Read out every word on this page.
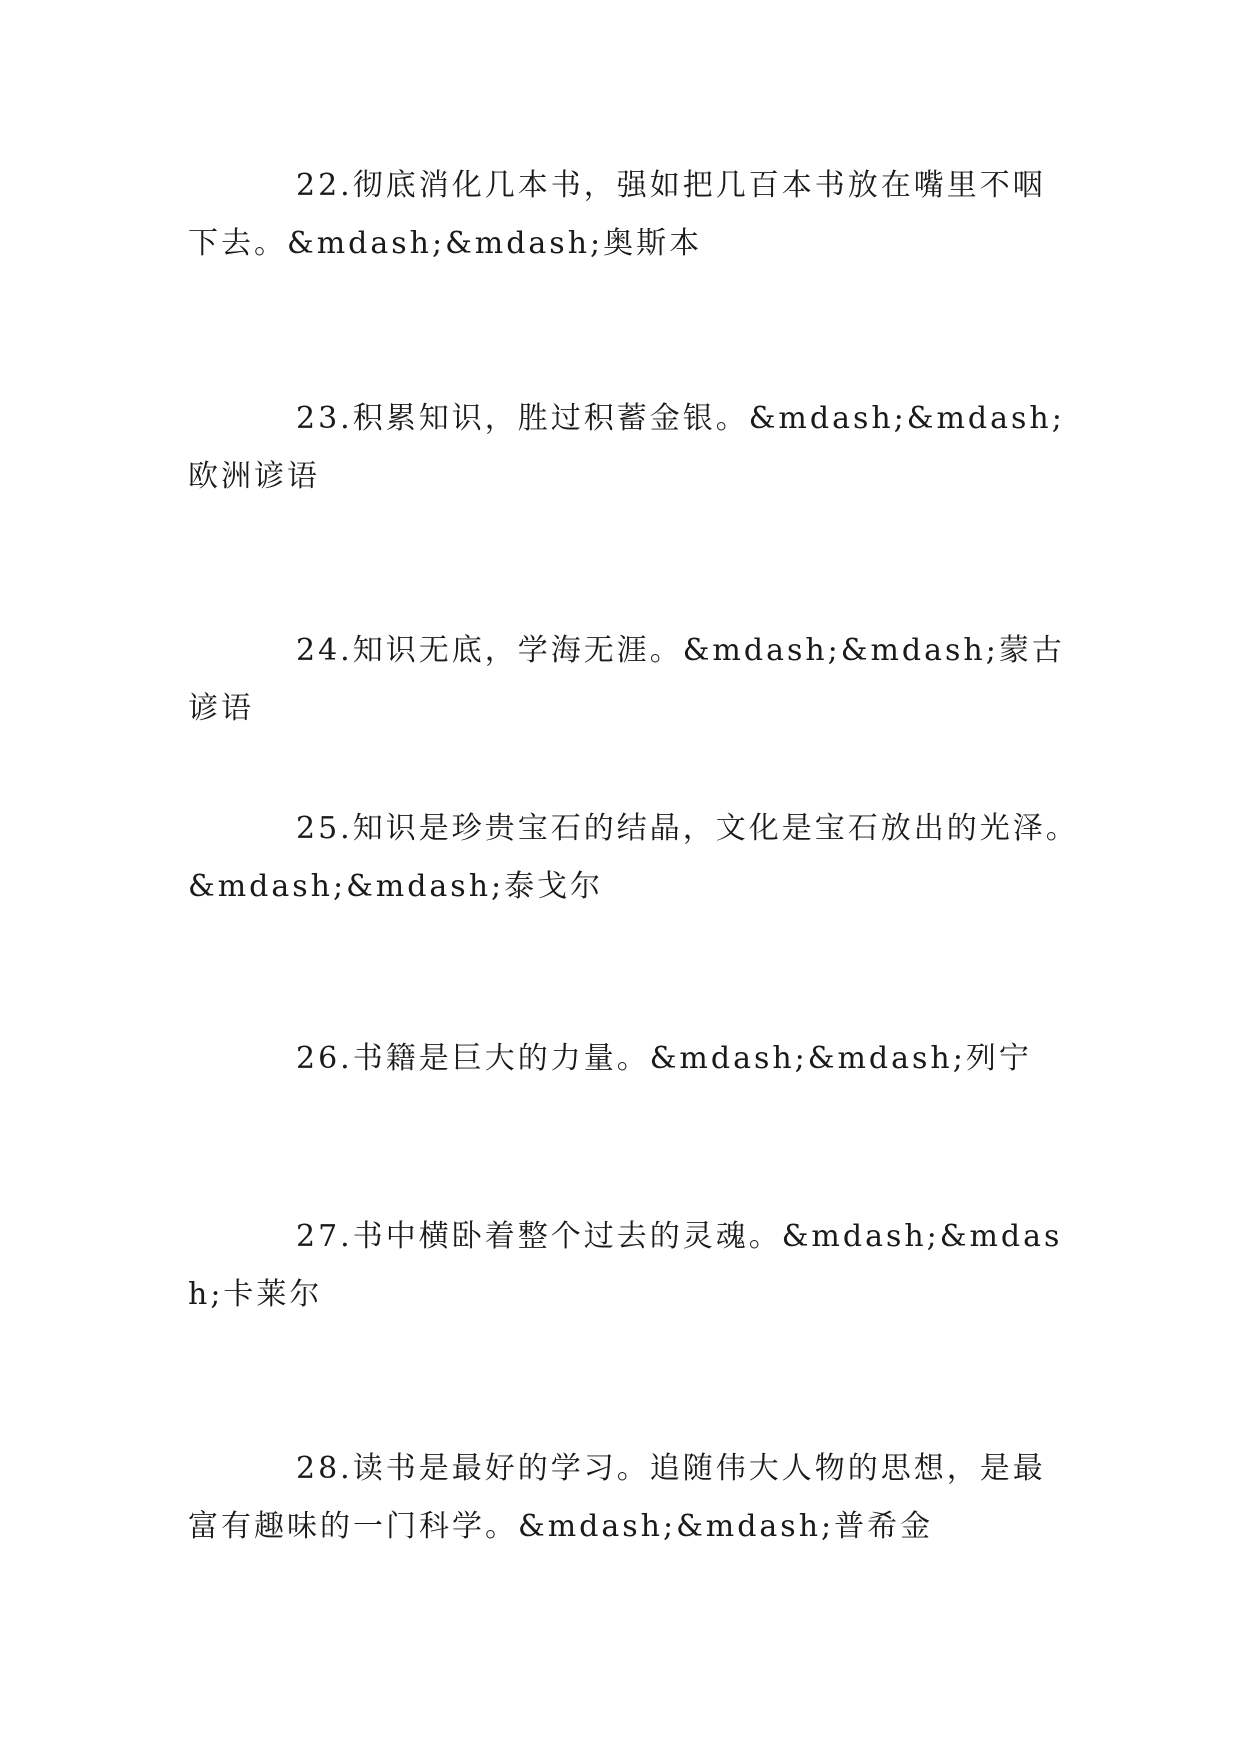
22.彻底消化几本书，强如把几百本书放在嘴里不咽下去。&mdash;&mdash;奥斯本

23.积累知识，胜过积蓄金银。&mdash;&mdash;欧洲谚语

24.知识无底，学海无涯。&mdash;&mdash;蒙古谚语

25.知识是珍贵宝石的结晶，文化是宝石放出的光泽。&mdash;&mdash;泰戈尔

26.书籍是巨大的力量。&mdash;&mdash;列宁

27.书中横卧着整个过去的灵魂。&mdash;&mdash;卡莱尔

28.读书是最好的学习。追随伟大人物的思想，是最富有趣味的一门科学。&mdash;&mdash;普希金
